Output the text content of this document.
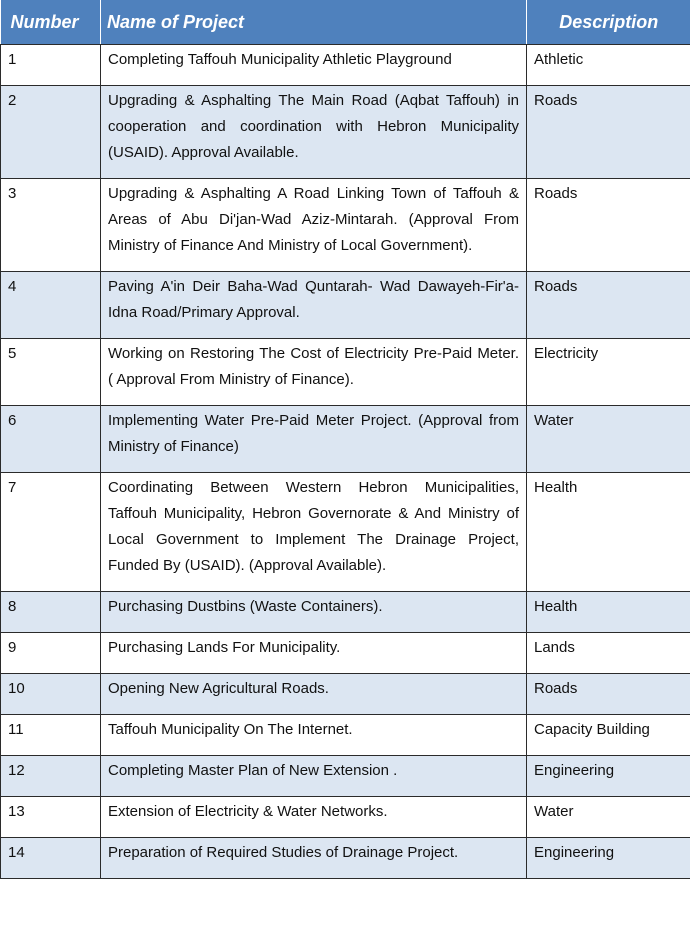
Number	Name of Project	Description
1	Completing Taffouh Municipality Athletic Playground	Athletic
2	Upgrading & Asphalting The Main Road (Aqbat Taffouh) in cooperation and coordination with Hebron Municipality (USAID). Approval Available.	Roads
3	Upgrading & Asphalting A Road Linking Town of Taffouh & Areas of Abu Di'jan-Wad Aziz-Mintarah. (Approval From Ministry of Finance And Ministry of Local Government).	Roads
4	Paving A'in Deir Baha-Wad Quntarah- Wad Dawayeh-Fir'a-Idna Road/Primary Approval.	Roads
5	Working on Restoring The Cost of Electricity Pre-Paid Meter. ( Approval From Ministry of Finance).	Electricity
6	Implementing Water Pre-Paid Meter Project. (Approval from Ministry of Finance)	Water
7	Coordinating Between Western Hebron Municipalities, Taffouh Municipality, Hebron Governorate & And Ministry of Local Government to Implement The Drainage Project, Funded By (USAID). (Approval Available).	Health
8	Purchasing Dustbins (Waste Containers).	Health
9	Purchasing Lands For Municipality.	Lands
10	Opening New Agricultural Roads.	Roads
11	Taffouh Municipality On The Internet.	Capacity Building
12	Completing Master Plan of New Extension .	Engineering
13	Extension of Electricity & Water Networks.	Water
14	Preparation of Required Studies of Drainage Project.	Engineering
